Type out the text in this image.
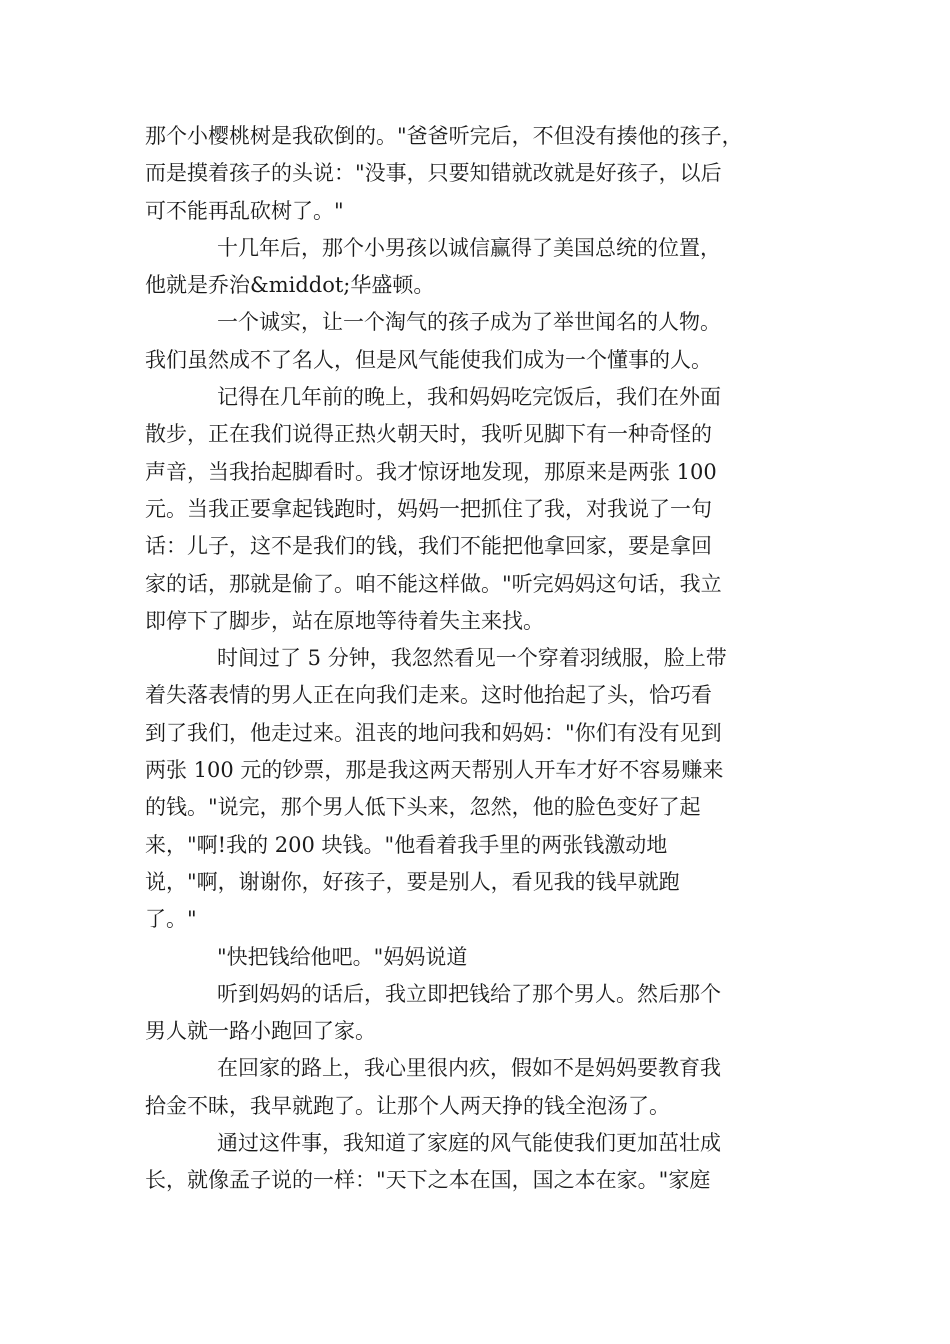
那个小樱桃树是我砍倒的。"爸爸听完后，不但没有揍他的孩子，
而是摸着孩子的头说："没事，只要知错就改就是好孩子，以后
可不能再乱砍树了。"
十几年后，那个小男孩以诚信赢得了美国总统的位置，
他就是乔治&middot;华盛顿。
一个诚实，让一个淘气的孩子成为了举世闻名的人物。
我们虽然成不了名人，但是风气能使我们成为一个懂事的人。
记得在几年前的晚上，我和妈妈吃完饭后，我们在外面
散步，正在我们说得正热火朝天时，我听见脚下有一种奇怪的
声音，当我抬起脚看时。我才惊讶地发现，那原来是两张 100
元。当我正要拿起钱跑时，妈妈一把抓住了我，对我说了一句
话：儿子，这不是我们的钱，我们不能把他拿回家，要是拿回
家的话，那就是偷了。咱不能这样做。"听完妈妈这句话，我立
即停下了脚步，站在原地等待着失主来找。
时间过了 5 分钟，我忽然看见一个穿着羽绒服，脸上带
着失落表情的男人正在向我们走来。这时他抬起了头，恰巧看
到了我们，他走过来。沮丧的地问我和妈妈："你们有没有见到
两张 100 元的钞票，那是我这两天帮别人开车才好不容易赚来
的钱。"说完，那个男人低下头来，忽然，他的脸色变好了起
来，"啊!我的 200 块钱。"他看着我手里的两张钱激动地
说，"啊，谢谢你，好孩子，要是别人，看见我的钱早就跑
了。"
"快把钱给他吧。"妈妈说道
听到妈妈的话后，我立即把钱给了那个男人。然后那个
男人就一路小跑回了家。
在回家的路上，我心里很内疚，假如不是妈妈要教育我
拾金不昧，我早就跑了。让那个人两天挣的钱全泡汤了。
通过这件事，我知道了家庭的风气能使我们更加茁壮成
长，就像孟子说的一样："天下之本在国，国之本在家。"家庭
